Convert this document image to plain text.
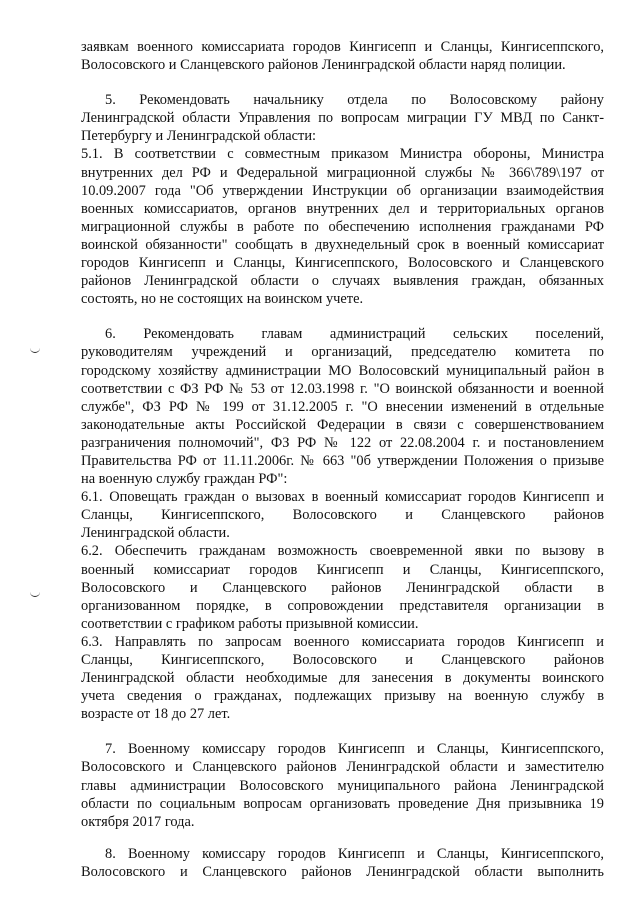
заявкам военного комиссариата городов Кингисепп и Сланцы, Кингисеппского,
Волосовского и Сланцевского районов Ленинградской области наряд полиции.

5. Рекомендовать начальнику отдела по Волосовскому району
Ленинградской области Управления по вопросам миграции ГУ МВД по Санкт-
Петербургу и Ленинградской области:
5.1. В соответствии с совместным приказом Министра обороны, Министра
внутренних дел РФ и Федеральной миграционной службы № 366\789\197 от
10.09.2007 года "Об утверждении Инструкции об организации взаимодействия
военных комиссариатов, органов внутренних дел и территориальных органов
миграционной службы в работе по обеспечению исполнения гражданами РФ
воинской обязанности" сообщать в двухнедельный срок в военный комиссариат
городов Кингисепп и Сланцы, Кингисеппского, Волосовского и Сланцевского
районов Ленинградской области о случаях выявления граждан, обязанных
состоять, но не состоящих на воинском учете.

6. Рекомендовать главам администраций сельских поселений,
руководителям учреждений и организаций, председателю комитета по
городскому хозяйству администрации МО Волосовский муниципальный район в
соответствии с ФЗ РФ № 53 от 12.03.1998 г. "О воинской обязанности и военной
службе", ФЗ РФ № 199 от 31.12.2005 г. "О внесении изменений в отдельные
законодательные акты Российской Федерации в связи с совершенствованием
разграничения полномочий", ФЗ РФ № 122 от 22.08.2004 г. и постановлением
Правительства РФ от 11.11.2006г. № 663 "0б утверждении Положения о призыве
на военную службу граждан РФ":
6.1. Оповещать граждан о вызовах в военный комиссариат городов Кингисепп и
Сланцы, Кингисеппского, Волосовского и Сланцевского районов
Ленинградской области.
6.2. Обеспечить гражданам возможность своевременной явки по вызову в
военный комиссариат городов Кингисепп и Сланцы, Кингисеппского,
Волосовского и Сланцевского районов Ленинградской области в
организованном порядке, в сопровождении представителя организации в
соответствии с графиком работы призывной комиссии.
6.3. Направлять по запросам военного комиссариата городов Кингисепп и
Сланцы, Кингисеппского, Волосовского и Сланцевского районов
Ленинградской области необходимые для занесения в документы воинского
учета сведения о гражданах, подлежащих призыву на военную службу в
возрасте от 18 до 27 лет.

7. Военному комиссару городов Кингисепп и Сланцы, Кингисеппского,
Волосовского и Сланцевского районов Ленинградской области и заместителю
главы администрации Волосовского муниципального района Ленинградской
области по социальным вопросам организовать проведение Дня призывника 19
октября 2017 года.

8. Военному комиссару городов Кингисепп и Сланцы, Кингисеппского,
Волосовского и Сланцевского районов Ленинградской области выполнить
